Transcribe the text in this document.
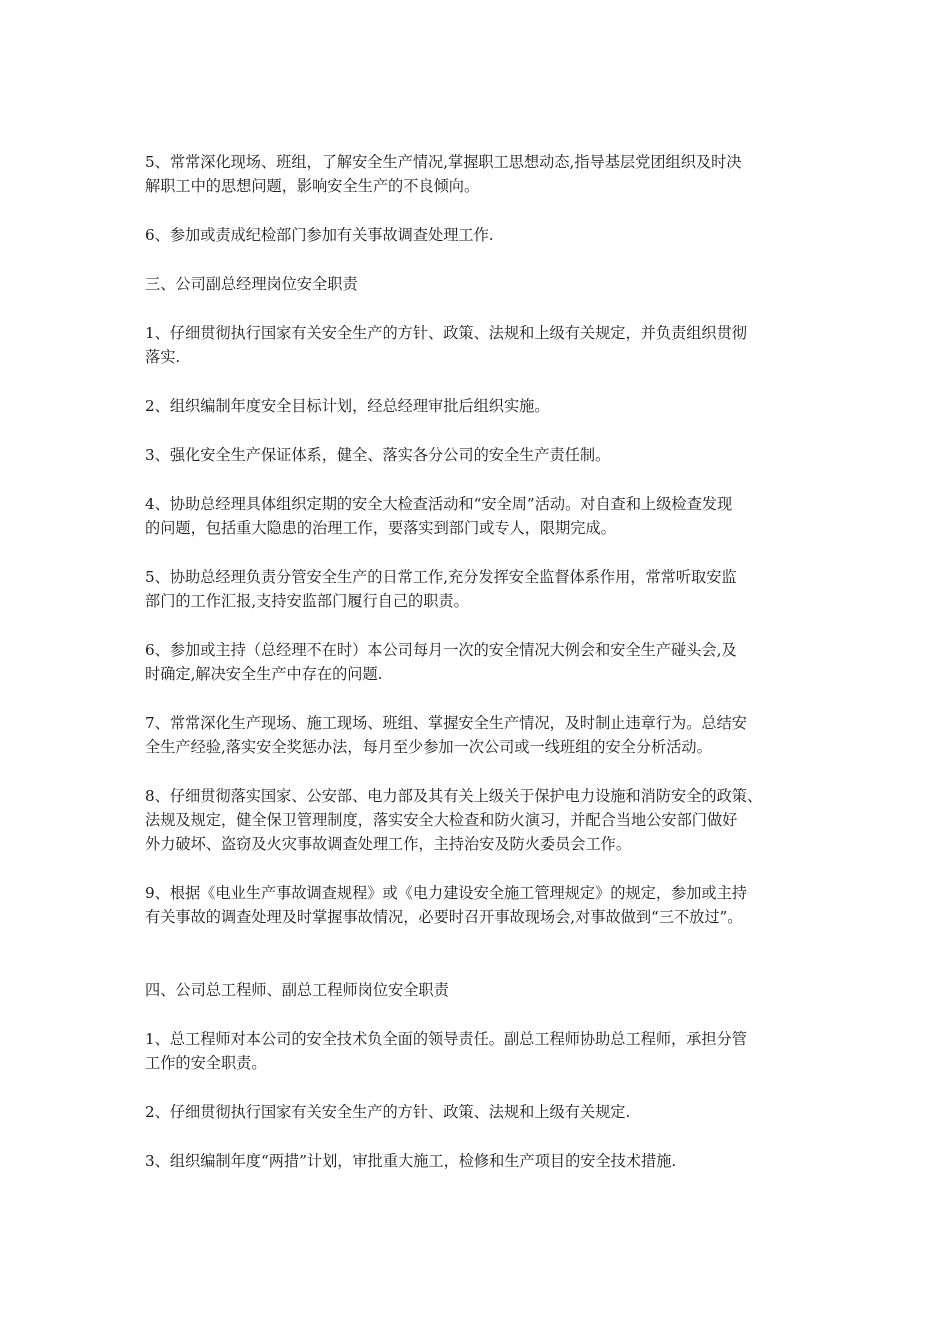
5、常常深化现场、班组，了解安全生产情况,掌握职工思想动态,指导基层党团组织及时决
解职工中的思想问题，影响安全生产的不良倾向。

6、参加或责成纪检部门参加有关事故调查处理工作.

三、公司副总经理岗位安全职责

1、仔细贯彻执行国家有关安全生产的方针、政策、法规和上级有关规定，并负责组织贯彻
落实.

2、组织编制年度安全目标计划，经总经理审批后组织实施。

3、强化安全生产保证体系，健全、落实各分公司的安全生产责任制。

4、协助总经理具体组织定期的安全大检查活动和“安全周”活动。对自查和上级检查发现
的问题，包括重大隐患的治理工作，要落实到部门或专人，限期完成。

5、协助总经理负责分管安全生产的日常工作,充分发挥安全监督体系作用，常常听取安监
部门的工作汇报,支持安监部门履行自己的职责。

6、参加或主持（总经理不在时）本公司每月一次的安全情况大例会和安全生产碰头会,及
时确定,解决安全生产中存在的问题.

7、常常深化生产现场、施工现场、班组、掌握安全生产情况，及时制止违章行为。总结安
全生产经验,落实安全奖惩办法，每月至少参加一次公司或一线班组的安全分析活动。

8、仔细贯彻落实国家、公安部、电力部及其有关上级关于保护电力设施和消防安全的政策、
法规及规定，健全保卫管理制度，落实安全大检查和防火演习，并配合当地公安部门做好
外力破坏、盗窃及火灾事故调查处理工作，主持治安及防火委员会工作。

9、根据《电业生产事故调查规程》或《电力建设安全施工管理规定》的规定，参加或主持
有关事故的调查处理及时掌握事故情况，必要时召开事故现场会,对事故做到“三不放过”。

四、公司总工程师、副总工程师岗位安全职责

1、总工程师对本公司的安全技术负全面的领导责任。副总工程师协助总工程师，承担分管
工作的安全职责。

2、仔细贯彻执行国家有关安全生产的方针、政策、法规和上级有关规定.

3、组织编制年度“两措”计划，审批重大施工，检修和生产项目的安全技术措施.
